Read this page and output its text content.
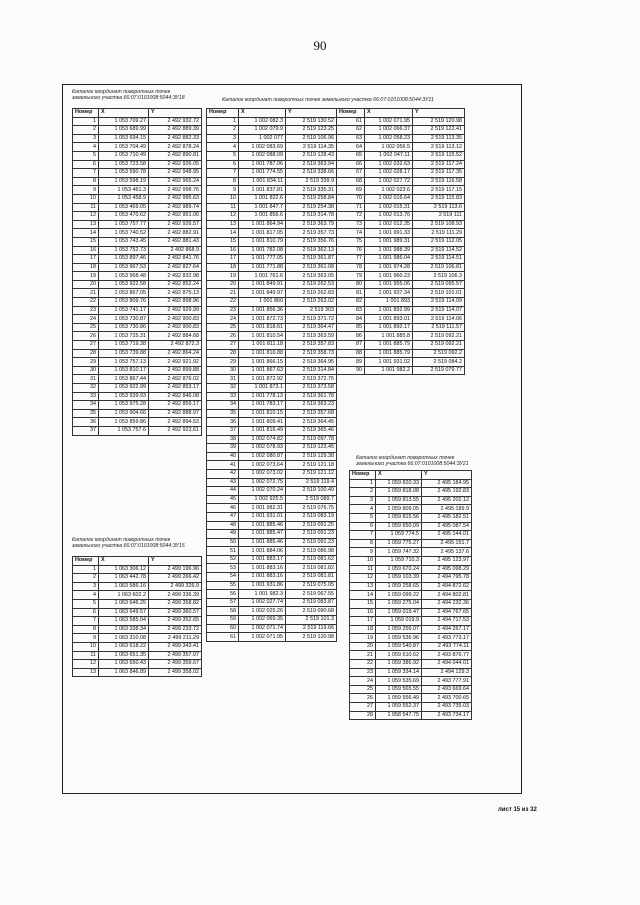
90
Каталог координат поворотных точек
земельного участка 66:07:0101008:5044:ЗУ18
Номер	X	Y
1	1 053 709.27	2 492 932.72
2	1 053 689.99	2 492 889.39
3	1 053 694.15	2 492 882.33
4	1 053 704.49	2 492 878.24
5	1 053 710.49	2 492 890.81
6	1 053 723.58	2 492 926.05
7	1 053 590.78	2 492 948.95
8	1 053 598.19	2 492 965.24
9	1 053 461.3	2 492 998.76
10	1 053 458.9	2 492 995.63
11	1 053 469.05	2 492 989.74
12	1 053 470.62	2 492 951.06
13	1 053 757.77	2 492 926.57
14	1 053 740.52	2 492 882.91
15	1 053 743.45	2 492 881.43
16	1 053 752.73	2 492 868.9
17	1 053 897.46	2 492 841.76
18	1 053 967.53	2 492 827.64
19	1 053 968.48	2 492 832.98
20	1 053 922.58	2 492 852.24
21	1 053 867.05	2 492 875.13
22	1 053 809.76	2 492 898.96
23	1 053 741.17	2 492 929.99
24	1 053 730.87	2 492 900.83
25	1 053 730.86	2 492 900.83
26	1 053 725.31	2 492 884.68
27	1 053 719.38	2 492 872.3
28	1 053 739.88	2 492 864.24
29	1 053 757.13	2 492 921.92
30	1 053 810.17	2 492 899.88
31	1 053 867.44	2 492 876.02
32	1 053 922.99	2 492 853.17
33	1 053 939.93	2 492 846.08
34	1 053 975.28	2 492 859.17
35	1 053 904.66	2 492 888.97
36	1 053 859.86	2 492 894.53
37	1 053 757.6	2 492 923.61
Каталог координат поворотных точек земельного участка 66:07:0101008:5044:ЗУ11
Номер	X	Y
1	1 002 082.3	2 519 130.52
2	1 002 079.9	2 519 123.25
3	1 002 077	2 519 106.96
4	1 002 083.69	2 519 114.35
5	1 002 088.09	2 519 128.43
6	1 001 787.06	2 519 363.94
7	1 001 774.55	2 519 338.66
8	1 001 834.11	2 519 339.9
9	1 001 837.81	2 519 335.31
10	1 001 822.6	2 519 258.84
11	1 001 847.7	2 519 254.38
12	1 001 856.6	2 519 314.78
13	1 001 864.94	2 519 363.79
14	1 001 817.05	2 519 357.73
15	1 001 810.79	2 519 356.76
16	1 001 782.08	2 519 362.13
17	1 001 777.05	2 519 361.87
18	1 001 771.88	2 519 361.08
19	1 001 761.6	2 519 363.05
20	1 001 849.91	2 519 262.53
21	1 001 849.97	2 519 262.83
22	1 001 860	2 519 263.02
23	1 001 856.36	2 519 303
24	1 001 872.73	2 519 371.72
25	1 001 818.61	2 519 364.47
26	1 001 810.54	2 519 363.59
27	1 001 811.18	2 519 357.83
28	1 001 816.88	2 519 358.73
29	1 001 866.15	2 519 364.95
30	1 001 867.63	2 519 314.84
31	1 001 872.92	2 519 372.75
32	1 001 873.1	2 519 373.58
33	1 001 778.13	2 519 361.78
34	1 001 783.17	2 519 363.23
35	1 001 810.15	2 519 357.68
36	1 001 809.41	2 519 364.45
37	1 001 816.49	2 519 365.46
38	1 002 074.82	2 519 097.78
39	1 002 078.93	2 519 123.45
40	1 002 080.87	2 519 129.38
41	1 002 073.64	2 519 121.18
42	1 002 073.02	2 519 121.12
43	1 002 072.75	2 519 119.4
44	1 002 070.24	2 519 100.49
45	1 002 925.5	2 519 089.7
46	1 001 982.31	2 519 076.75
47	1 001 931.01	2 519 083.19
48	1 001 885.46	2 519 091.25
49	1 001 885.47	2 519 091.23
50	1 001 885.46	2 519 091.23
51	1 001 884.06	2 519 086.98
52	1 001 883.17	2 519 081.62
53	1 001 883.16	2 519 081.82
54	1 001 883.16	2 519 081.81
55	1 001 931.86	2 519 075.05
56	1 001 982.3	2 519 067.55
57	1 002 027.74	2 519 083.87
58	1 002 025.26	2 519 090.68
59	1 002 069.35	2 519 101.3
60	1 002 071.74	2 519 119.66
61	1 002 071.95	2 519 120.98
Номер	X	Y
61	1 002 071.95	2 519 120.98
62	1 002 066.37	2 519 122.41
63	1 002 058.23	2 519 113.35
64	1 002 056.5	2 519 113.12
65	1 002 047.11	2 519 115.52
66	1 002 032.63	2 519 117.24
67	1 002 028.17	2 519 117.35
68	1 002 027.72	2 519 116.58
69	1 002 023.6	2 519 117.15
70	1 002 016.64	2 519 115.83
71	1 002 015.31	2 519 113.6
72	1 002 013.76	2 519 111
73	1 002 012.35	2 519 108.93
74	1 001 991.33	2 519 111.29
75	1 001 989.31	2 519 112.05
76	1 001 988.39	2 519 114.52
77	1 001 986.04	2 519 114.51
78	1 001 974.28	2 519 106.81
79	1 001 960.23	2 519 106.3
80	1 001 955.06	2 519 095.57
81	1 001 937.34	2 519 101.01
82	1 001 893	2 519 114.09
83	1 001 892.99	2 519 114.07
84	1 001 893.01	2 519 114.06
85	1 001 892.17	2 519 111.57
86	1 001 885.8	2 519 092.21
87	1 001 885.79	2 519 092.21
88	1 001 885.79	2 519 092.2
89	1 001 931.02	2 519 084.2
90	1 001 982.2	2 519 079.77
Каталог координат поворотных точек
земельного участка 66:07:0101008:5044:ЗУ15
Номер	X	Y
1	1 063 306.12	2 499 196.96
2	1 063 442.78	2 499 266.42
3	1 063 586.16	2 499 326.9
4	1 063 602.2	2 499 336.39
5	1 063 646.25	2 499 358.82
6	1 063 649.57	2 499 360.57
7	1 063 585.04	2 499 352.65
8	1 063 338.34	2 499 233.72
9	1 063 310.08	2 499 211.29
10	1 063 618.22	2 499 343.41
11	1 063 651.35	2 499 357.97
12	1 063 650.43	2 499 359.67
13	1 063 846.89	2 499 358.02
Каталог координат поворотных точек
земельного участка 66:07:0101008:5044:ЗУ21
Номер	X	Y
1	1 059 820.33	2 495 184.95
2	1 059 818.08	2 495 192.83
3	1 059 813.55	2 495 202.12
4	1 059 809.05	2 495 189.9
5	1 059 815.56	2 495 182.51
6	1 059 650.09	2 495 087.54
7	1 059 774.5	2 495 144.01
8	1 059 775.27	2 495 151.7
9	1 059 747.32	2 495 137.6
10	1 059 710.3	2 495 123.97
11	1 059 670.24	2 495 098.29
12	1 059 103.39	2 494 795.78
13	1 059 258.65	2 494 872.62
14	1 059 099.22	2 494 802.81
15	1 059 275.04	2 494 232.36
16	1 059 019.47	2 494 767.65
17	1 059 019.9	2 494 717.53
18	1 059 256.07	2 494 267.17
19	1 059 536.96	2 493 773.17
20	1 059 540.87	2 493 774.11
21	1 059 510.62	2 493 876.77
22	1 059 386.92	2 494 044.01
23	1 059 334.14	2 494 129.3
24	1 059 535.69	2 493 777.91
25	1 059 565.55	2 493 669.64
26	1 059 556.49	2 493 700.65
27	1 059 552.37	2 493 735.03
28	1 058 547.75	2 493 734.17
лист 15 из 32
